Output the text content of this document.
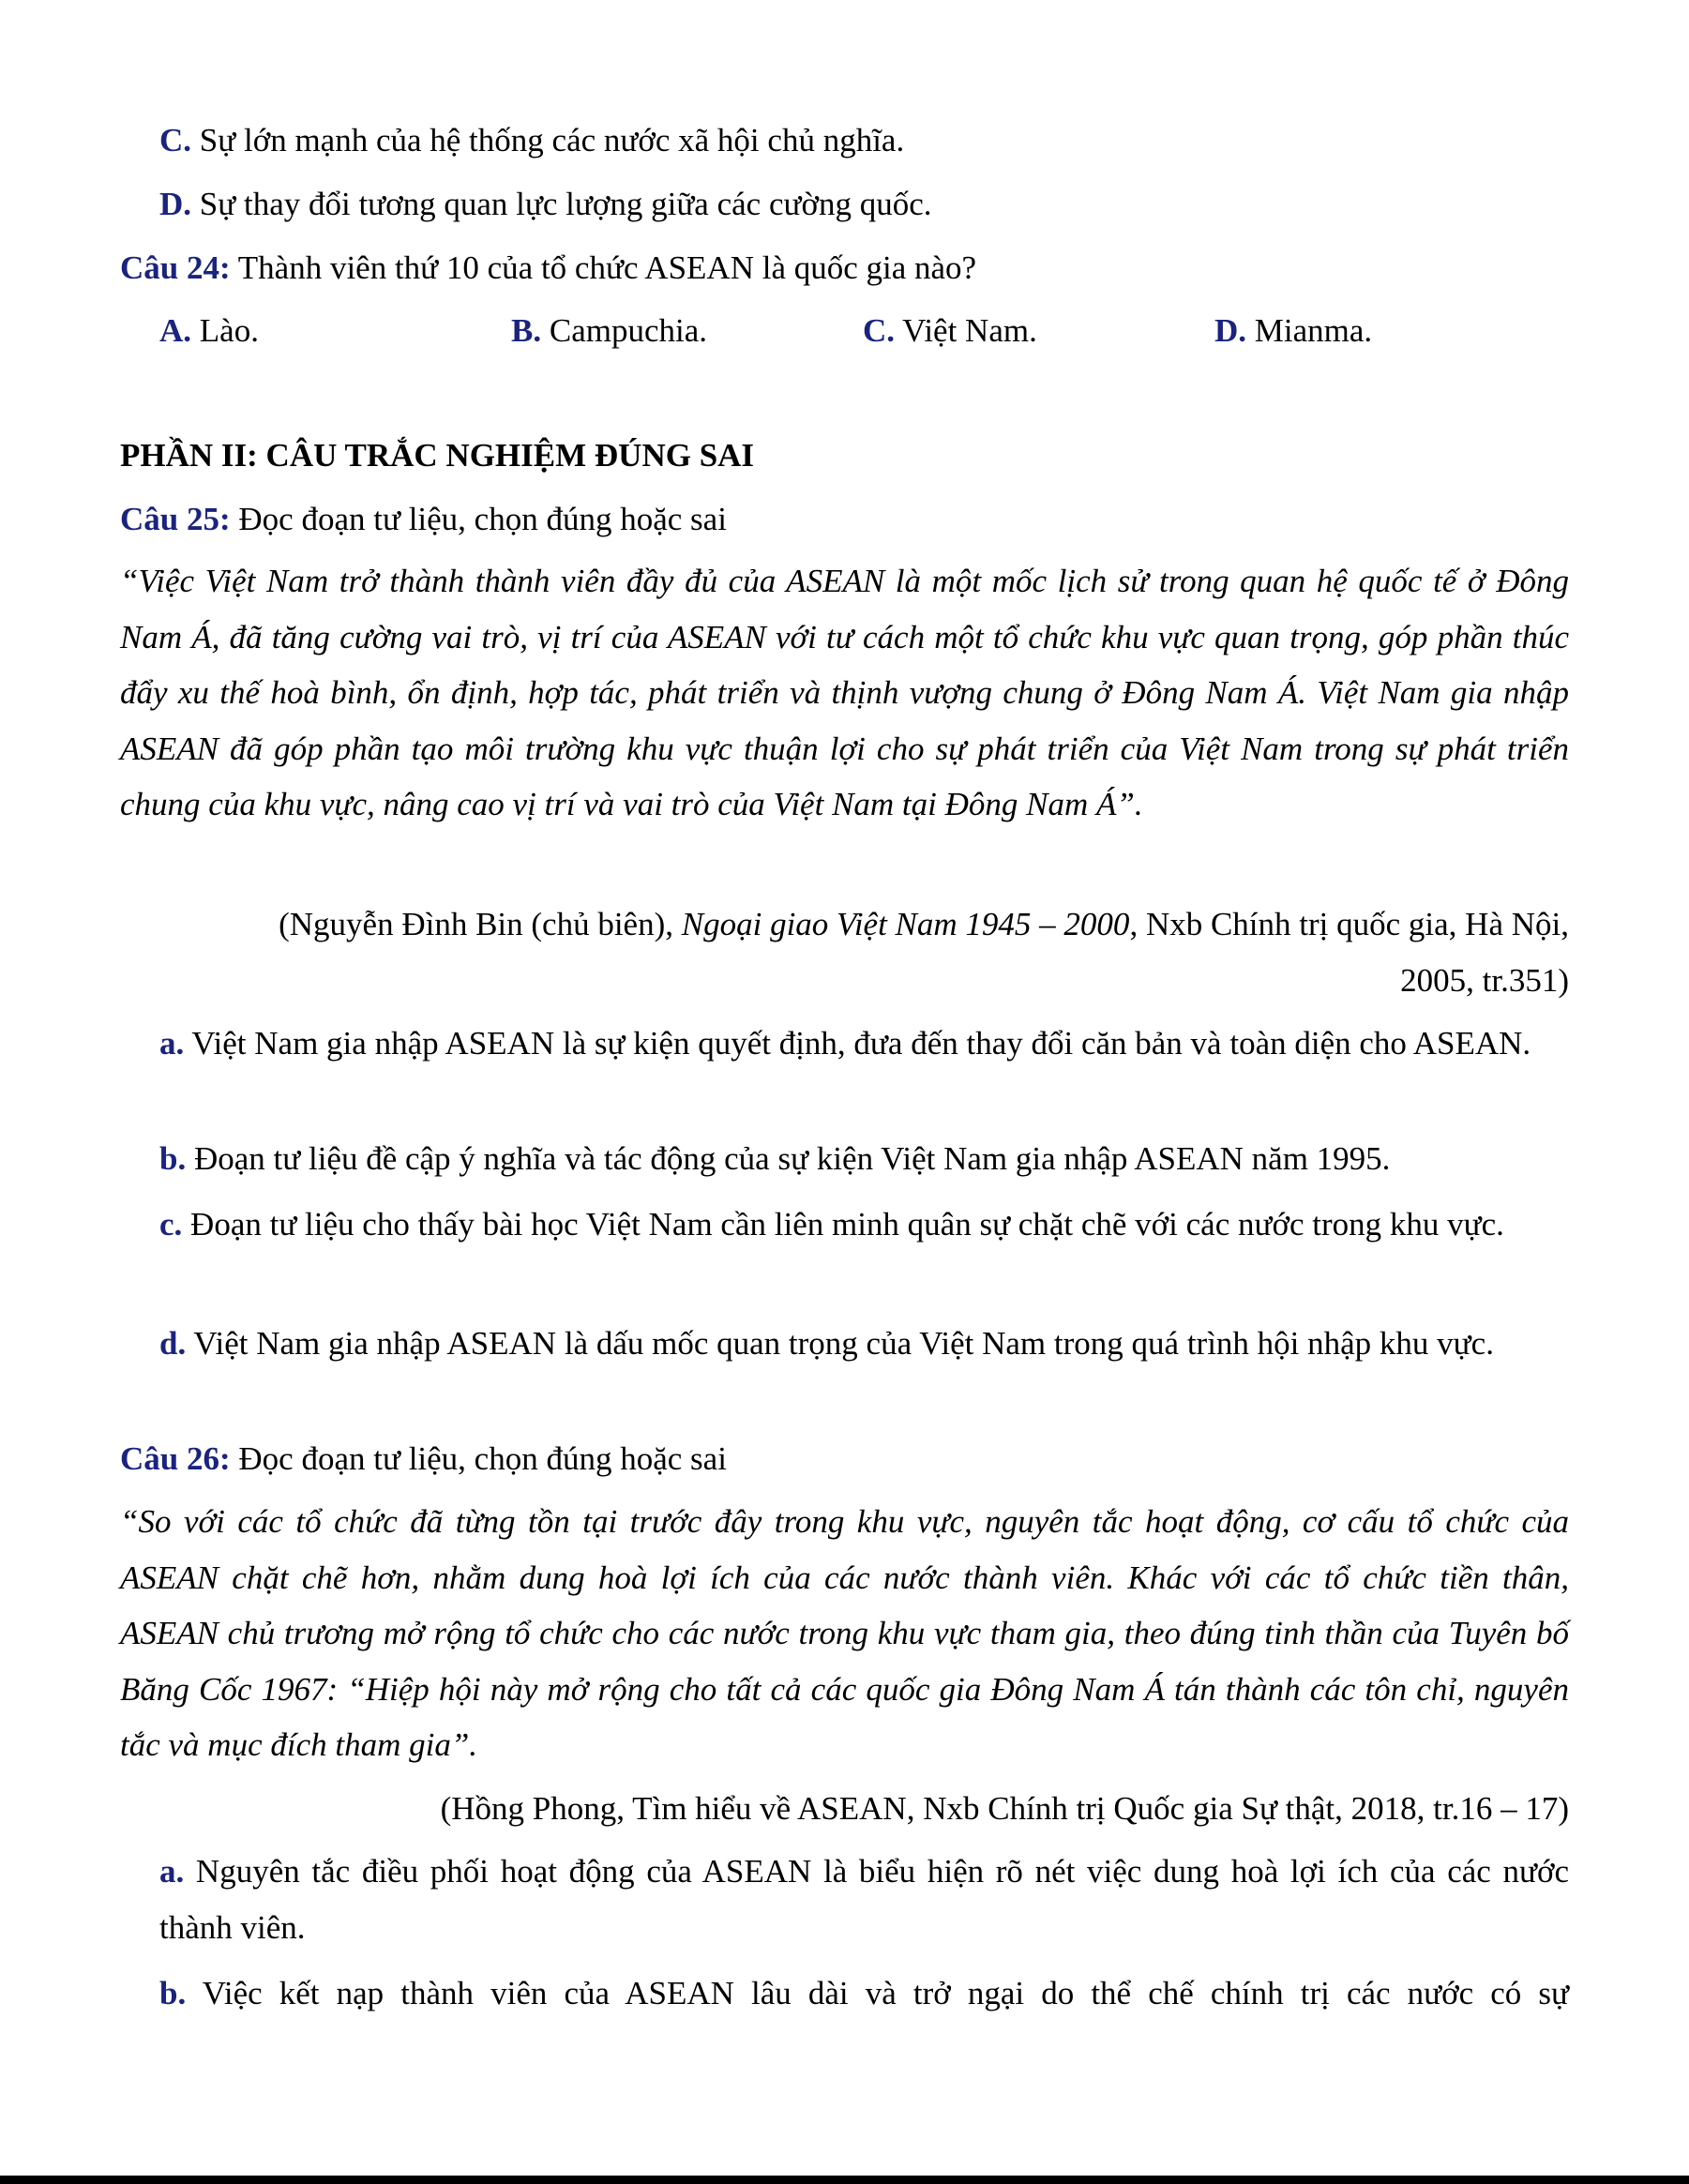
C. Sự lớn mạnh của hệ thống các nước xã hội chủ nghĩa.
D. Sự thay đổi tương quan lực lượng giữa các cường quốc.
Câu 24: Thành viên thứ 10 của tổ chức ASEAN là quốc gia nào?
A. Lào.	B. Campuchia.	C. Việt Nam.	D. Mianma.
PHẦN II: CÂU TRẮC NGHIỆM ĐÚNG SAI
Câu 25: Đọc đoạn tư liệu, chọn đúng hoặc sai
“Việc Việt Nam trở thành thành viên đầy đủ của ASEAN là một mốc lịch sử trong quan hệ quốc tế ở Đông Nam Á, đã tăng cường vai trò, vị trí của ASEAN với tư cách một tổ chức khu vực quan trọng, góp phần thúc đẩy xu thế hoà bình, ổn định, hợp tác, phát triển và thịnh vượng chung ở Đông Nam Á. Việt Nam gia nhập ASEAN đã góp phần tạo môi trường khu vực thuận lợi cho sự phát triển của Việt Nam trong sự phát triển chung của khu vực, nâng cao vị trí và vai trò của Việt Nam tại Đông Nam Á”.
(Nguyễn Đình Bin (chủ biên), Ngoại giao Việt Nam 1945 – 2000, Nxb Chính trị quốc gia, Hà Nội,
2005, tr.351)
a. Việt Nam gia nhập ASEAN là sự kiện quyết định, đưa đến thay đổi căn bản và toàn diện cho ASEAN.
b. Đoạn tư liệu đề cập ý nghĩa và tác động của sự kiện Việt Nam gia nhập ASEAN năm 1995.
c. Đoạn tư liệu cho thấy bài học Việt Nam cần liên minh quân sự chặt chẽ với các nước trong khu vực.
d. Việt Nam gia nhập ASEAN là dấu mốc quan trọng của Việt Nam trong quá trình hội nhập khu vực.
Câu 26: Đọc đoạn tư liệu, chọn đúng hoặc sai
“So với các tổ chức đã từng tồn tại trước đây trong khu vực, nguyên tắc hoạt động, cơ cấu tổ chức của ASEAN chặt chẽ hơn, nhằm dung hoà lợi ích của các nước thành viên. Khác với các tổ chức tiền thân, ASEAN chủ trương mở rộng tổ chức cho các nước trong khu vực tham gia, theo đúng tinh thần của Tuyên bố Băng Cốc 1967: “Hiệp hội này mở rộng cho tất cả các quốc gia Đông Nam Á tán thành các tôn chỉ, nguyên tắc và mục đích tham gia”.
(Hồng Phong, Tìm hiểu về ASEAN, Nxb Chính trị Quốc gia Sự thật, 2018, tr.16 – 17)
a. Nguyên tắc điều phối hoạt động của ASEAN là biểu hiện rõ nét việc dung hoà lợi ích của các nước thành viên.
b. Việc kết nạp thành viên của ASEAN lâu dài và trở ngại do thể chế chính trị các nước có sự
